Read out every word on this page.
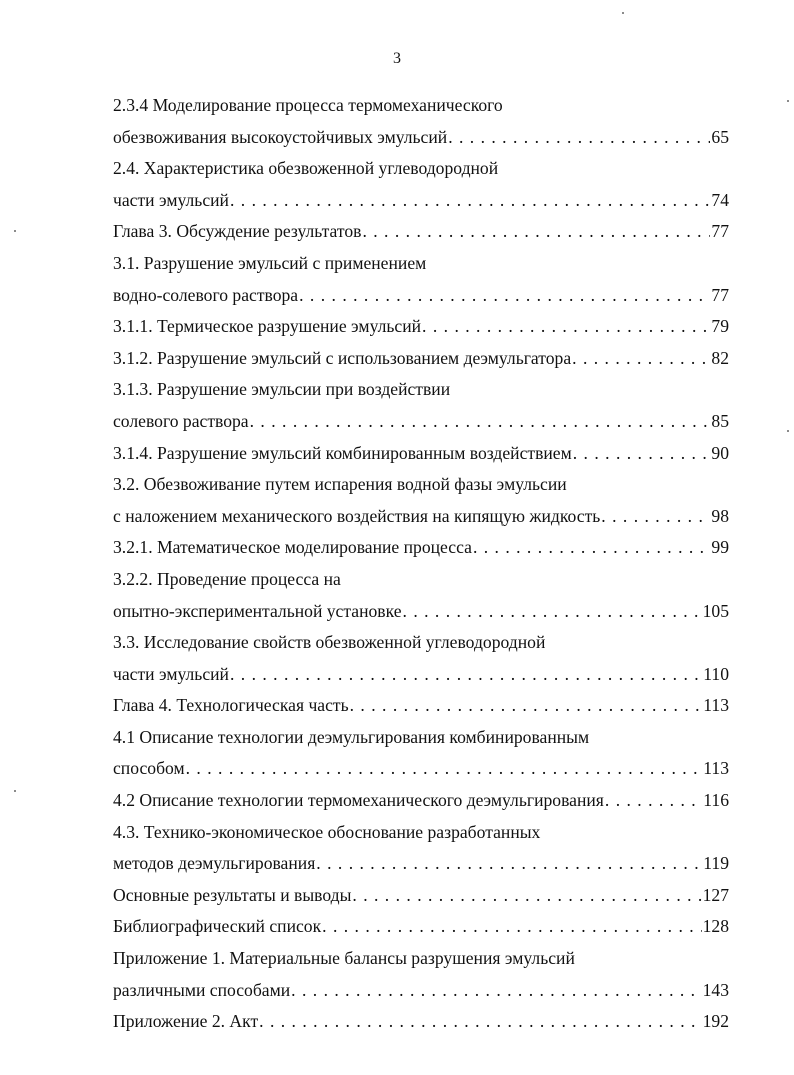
3
2.3.4 Моделирование процесса термомеханического
обезвоживания высокоустойчивых эмульсий . . .	65
2.4. Характеристика обезвоженной углеводородной
части эмульсий . . .	74
Глава 3. Обсуждение результатов . . .	77
3.1. Разрушение эмульсий с применением
водно-солевого раствора . . .	77
3.1.1. Термическое разрушение эмульсий . . .	79
3.1.2. Разрушение эмульсий с использованием деэмульгатора . . .	82
3.1.3. Разрушение эмульсии при воздействии
солевого раствора . . .	85
3.1.4. Разрушение эмульсий комбинированным воздействием . . .	90
3.2. Обезвоживание путем испарения водной фазы эмульсии
с наложением механического воздействия на кипящую жидкость . . .	98
3.2.1. Математическое моделирование процесса . . .	99
3.2.2. Проведение процесса на
опытно-экспериментальной установке . . .	105
3.3. Исследование свойств обезвоженной углеводородной
части эмульсий . . .	110
Глава 4. Технологическая часть . . .	113
4.1 Описание технологии деэмульгирования комбинированным
способом . . .	113
4.2 Описание технологии термомеханического деэмульгирования . . .	116
4.3. Технико-экономическое обоснование разработанных
методов деэмульгирования . . .	119
Основные результаты и выводы . . .	127
Библиографический список . . .	128
Приложение 1. Материальные балансы разрушения эмульсий
различными способами . . .	143
Приложение 2. Акт . . .	192
